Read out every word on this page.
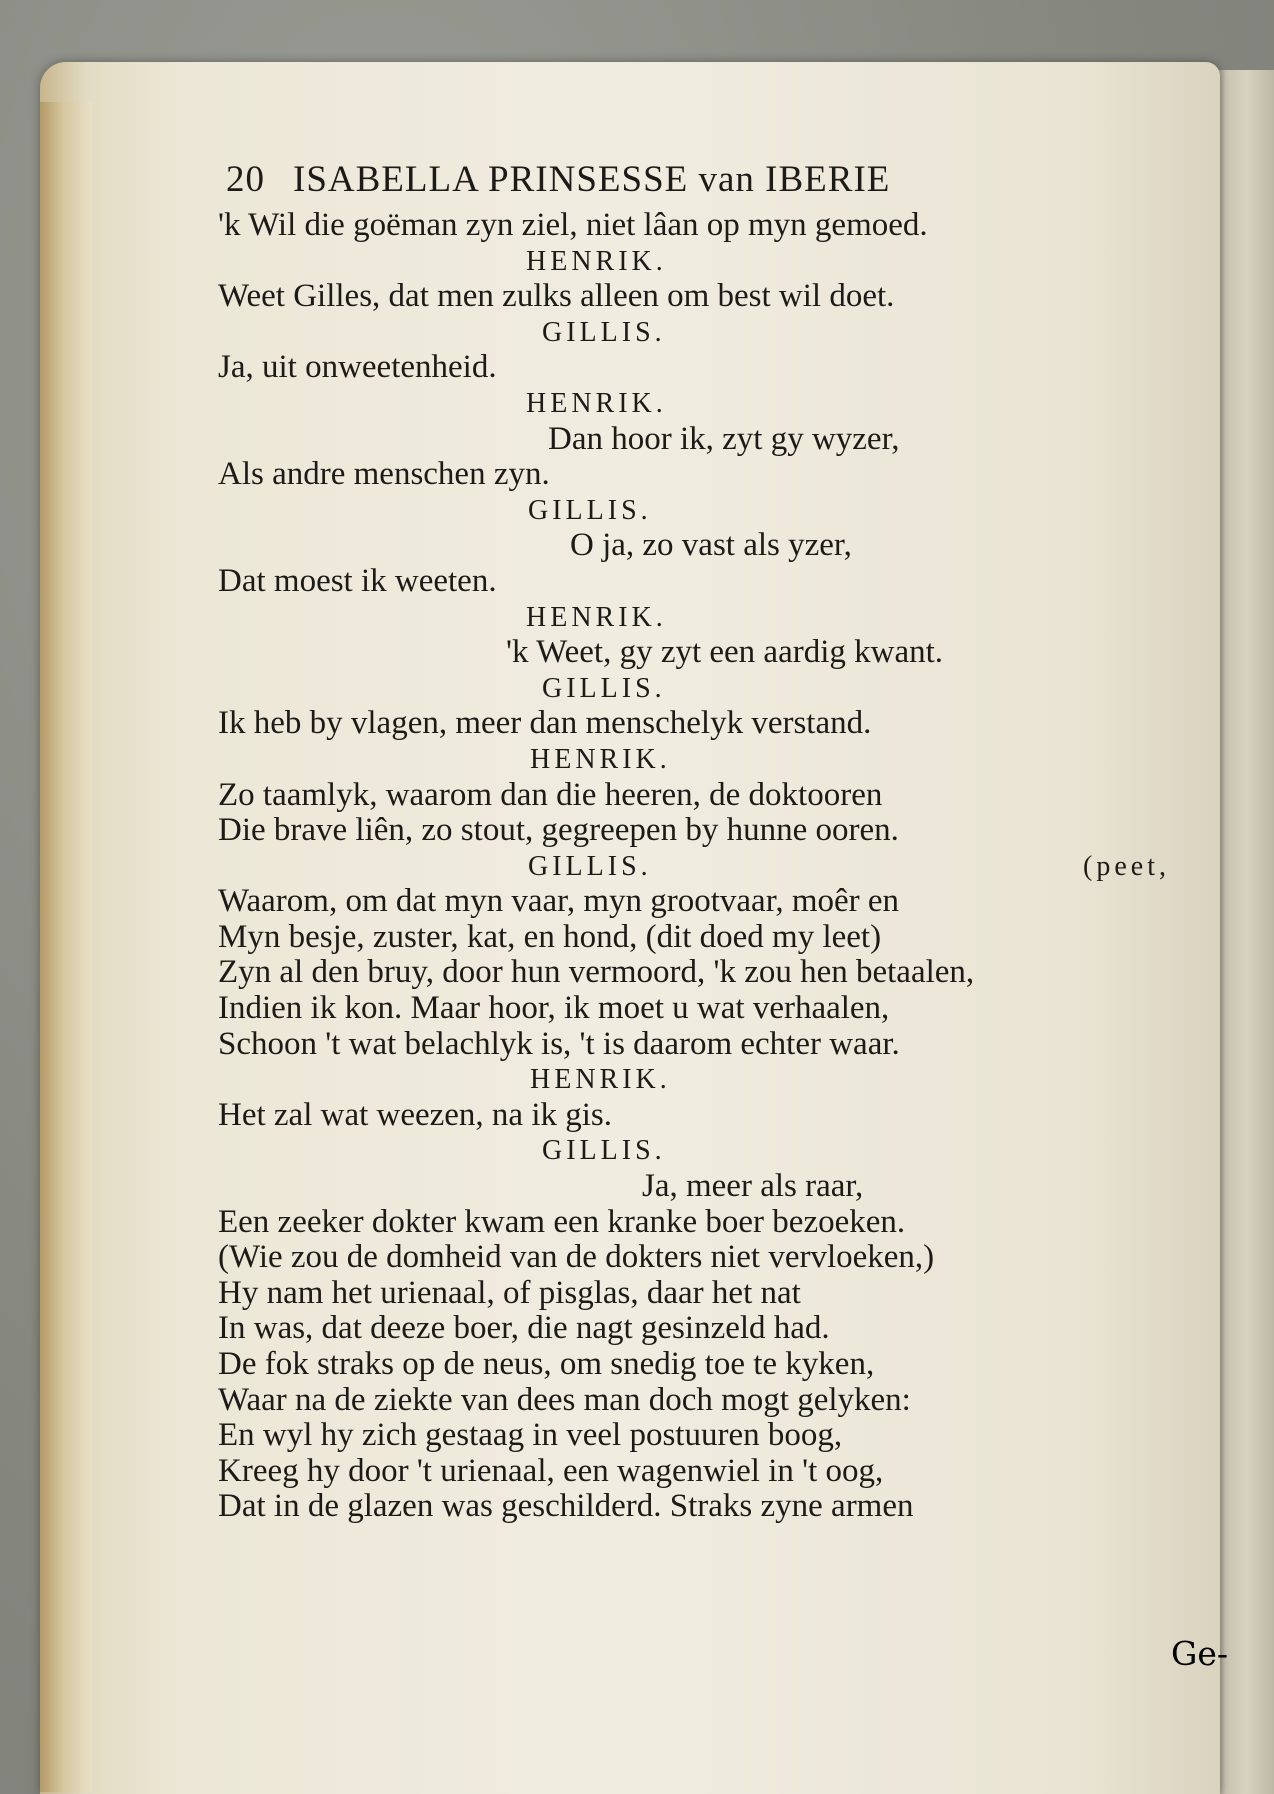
20 ISABELLA PRINSESSE van IBERIE
'k Wil die goëman zyn ziel, niet lâan op myn gemoed.
HENRIK.
Weet Gilles, dat men zulks alleen om best wil doet.
GILLIS.
Ja, uit onweetenheid.
HENRIK.
Dan hoor ik, zyt gy wyzer,
Als andre menschen zyn.
GILLIS.
O ja, zo vast als yzer,
Dat moest ik weeten.
HENRIK.
'k Weet, gy zyt een aardig kwant.
GILLIS.
Ik heb by vlagen, meer dan menschelyk verstand.
HENRIK.
Zo taamlyk, waarom dan die heeren, de doktooren
Die brave liên, zo stout, gegreepen by hunne ooren.
GILLIS.	(peet,
Waarom, om dat myn vaar, myn grootvaar, moêr en
Myn besje, zuster, kat, en hond, (dit doed my leet)
Zyn al den bruy, door hun vermoord, 'k zou hen betaalen,
Indien ik kon. Maar hoor, ik moet u wat verhaalen,
Schoon 't wat belachlyk is, 't is daarom echter waar.
HENRIK.
Het zal wat weezen, na ik gis.
GILLIS.
Ja, meer als raar,
Een zeeker dokter kwam een kranke boer bezoeken.
(Wie zou de domheid van de dokters niet vervloeken,)
Hy nam het urienaal, of pisglas, daar het nat
In was, dat deeze boer, die nagt gesinzeld had.
De fok straks op de neus, om snedig toe te kyken,
Waar na de ziekte van dees man doch mogt gelyken:
En wyl hy zich gestaag in veel postuuren boog,
Kreeg hy door 't urienaal, een wagenwiel in 't oog,
Dat in de glazen was geschilderd. Straks zyne armen
Ge-
